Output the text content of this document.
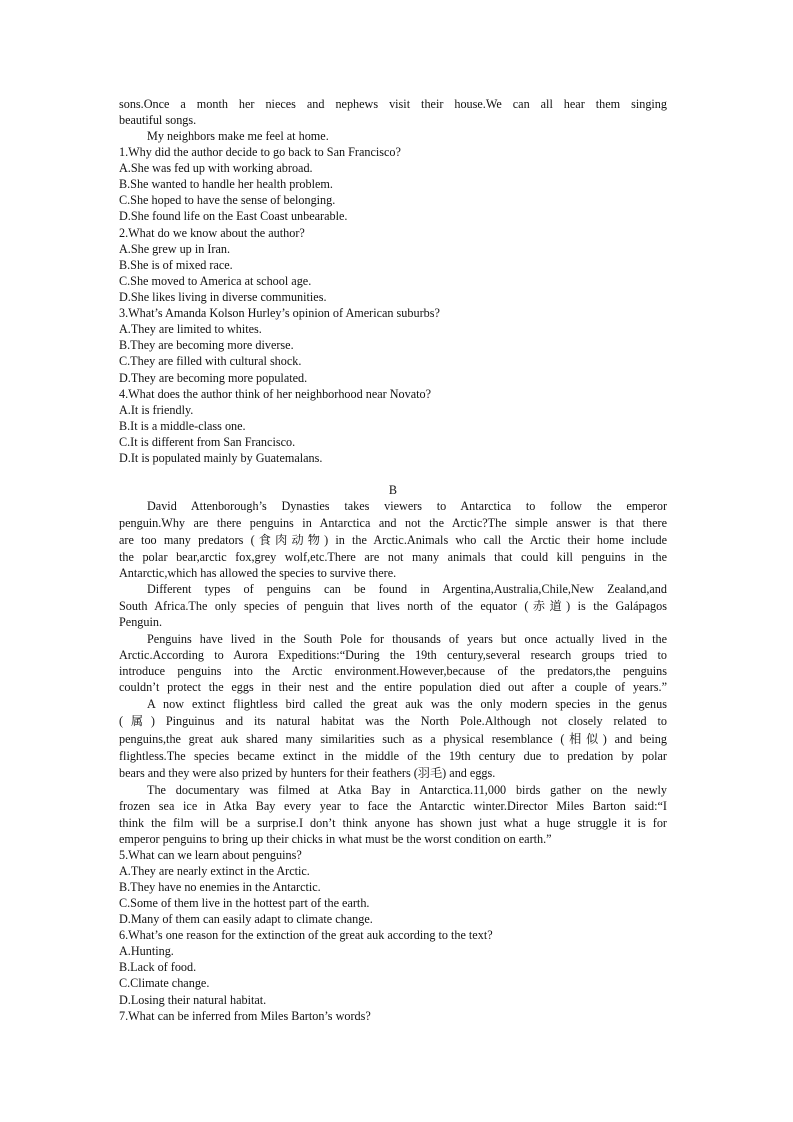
sons.Once a month her nieces and nephews visit their house.We can all hear them singing

beautiful songs.

My neighbors make me feel at home.

1.Why did the author decide to go back to San Francisco?

A.She was fed up with working abroad.

B.She wanted to handle her health problem.

C.She hoped to have the sense of belonging.

D.She found life on the East Coast unbearable.

2.What do we know about the author?

A.She grew up in Iran.

B.She is of mixed race.

C.She moved to America at school age.

D.She likes living in diverse communities.

3.What’s Amanda Kolson Hurley’s opinion of American suburbs?

A.They are limited to whites.

B.They are becoming more diverse.

C.They are filled with cultural shock.

D.They are becoming more populated.

4.What does the author think of her neighborhood near Novato?

A.It is friendly.

B.It is a middle-class one.

C.It is different from San Francisco.

D.It is populated mainly by Guatemalans.

B

David Attenborough’s Dynasties takes viewers to Antarctica to follow the emperor

penguin.Why are there penguins in Antarctica and not the Arctic?The simple answer is that there

are too many predators (食肉动物) in the Arctic.Animals who call the Arctic their home include

the polar bear,arctic fox,grey wolf,etc.There are not many animals that could kill penguins in the

Antarctic,which has allowed the species to survive there.

Different types of penguins can be found in Argentina,Australia,Chile,New Zealand,and

South Africa.The only species of penguin that lives north of the equator (赤道) is the Galápagos

Penguin.

Penguins have lived in the South Pole for thousands of years but once actually lived in the

Arctic.According to Aurora Expeditions:“During the 19th century,several research groups tried to

introduce penguins into the Arctic environment.However,because of the predators,the penguins

couldn’t protect the eggs in their nest and the entire population died out after a couple of years.”

A now extinct flightless bird called the great auk was the only modern species in the genus

(属) Pinguinus and its natural habitat was the North Pole.Although not closely related to

penguins,the great auk shared many similarities such as a physical resemblance (相似) and being

flightless.The species became extinct in the middle of the 19th century due to predation by polar

bears and they were also prized by hunters for their feathers (羽毛) and eggs.

The documentary was filmed at Atka Bay in Antarctica.11,000 birds gather on the newly

frozen sea ice in Atka Bay every year to face the Antarctic winter.Director Miles Barton said:“I

think the film will be a surprise.I don’t think anyone has shown just what a huge struggle it is for

emperor penguins to bring up their chicks in what must be the worst condition on earth.”

5.What can we learn about penguins?

A.They are nearly extinct in the Arctic.

B.They have no enemies in the Antarctic.

C.Some of them live in the hottest part of the earth.

D.Many of them can easily adapt to climate change.

6.What’s one reason for the extinction of the great auk according to the text?

A.Hunting.

B.Lack of food.

C.Climate change.

D.Losing their natural habitat.

7.What can be inferred from Miles Barton’s words?
